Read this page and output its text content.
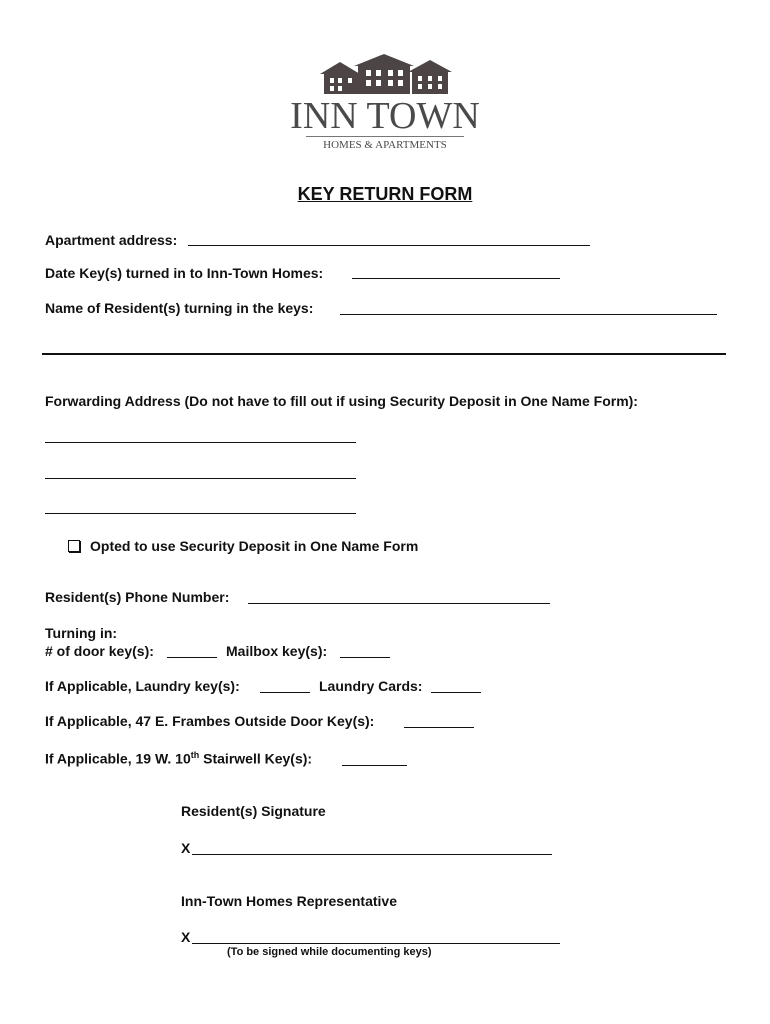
INN TOWN
HOMES & APARTMENTS
KEY RETURN FORM
Apartment address:
Date Key(s) turned in to Inn-Town Homes:
Name of Resident(s) turning in the keys:
Forwarding Address (Do not have to fill out if using Security Deposit in One Name Form):
Opted to use Security Deposit in One Name Form
Resident(s) Phone Number:
Turning in:
# of door key(s):	Mailbox key(s):
If Applicable, Laundry key(s):	Laundry Cards:
If Applicable, 47 E. Frambes Outside Door Key(s):
If Applicable, 19 W. 10th Stairwell Key(s):
Resident(s) Signature
X
Inn-Town Homes Representative
X
(To be signed while documenting keys)
